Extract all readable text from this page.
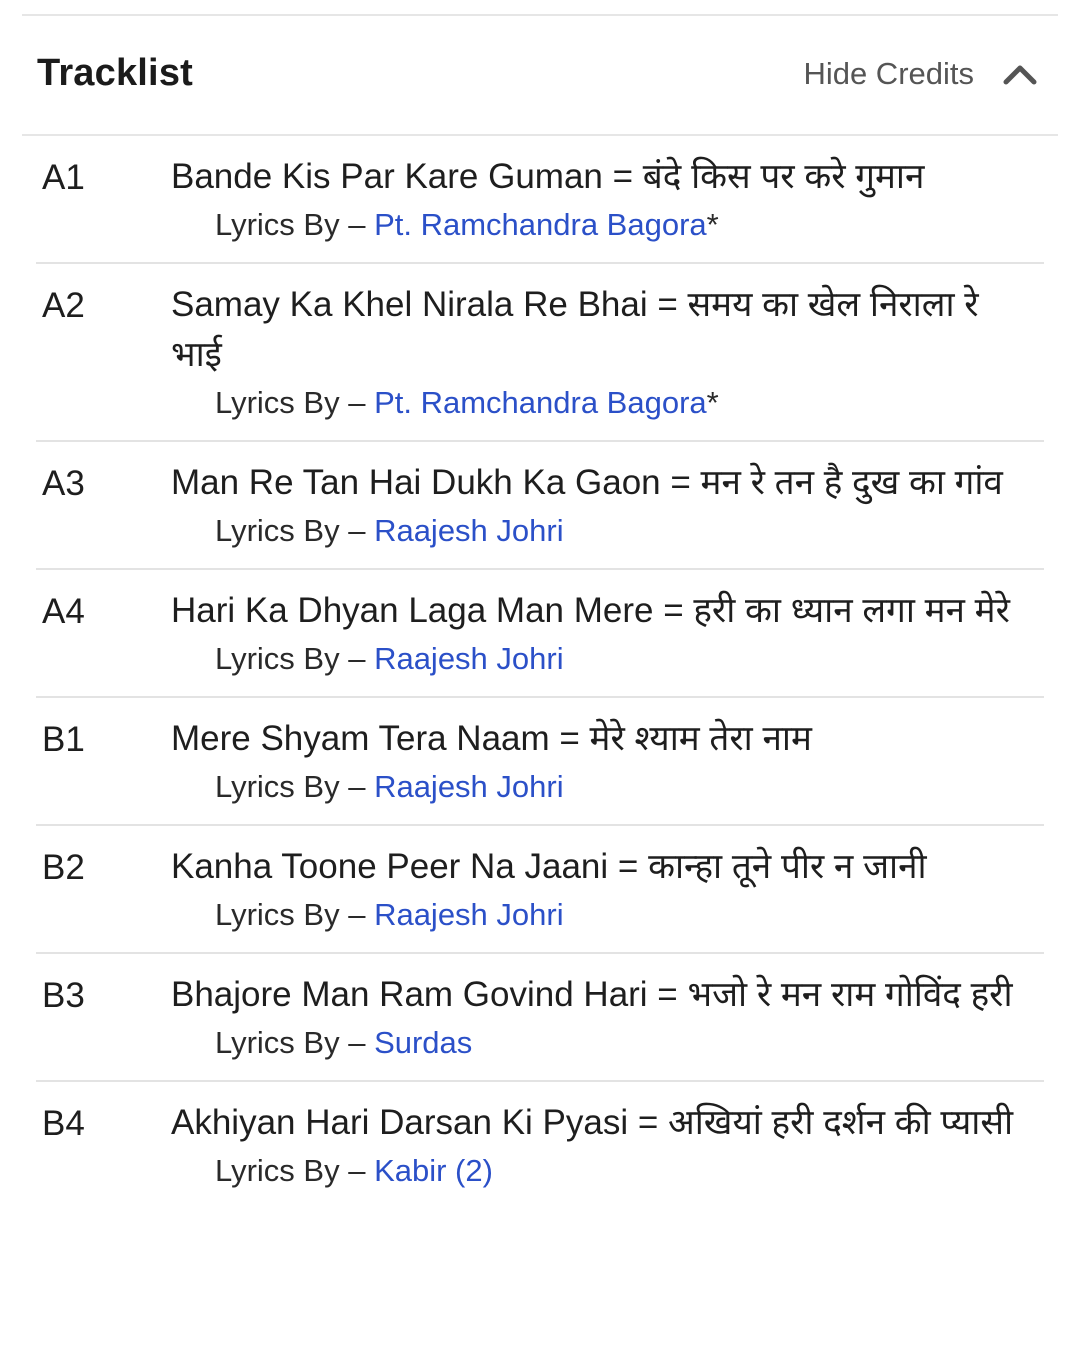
Tracklist	Hide Credits
A1 Bande Kis Par Kare Guman = बंदे किस पर करे गुमान
Lyrics By – Pt. Ramchandra Bagora*
A2 Samay Ka Khel Nirala Re Bhai = समय का खेल निराला रे भाई
Lyrics By – Pt. Ramchandra Bagora*
A3 Man Re Tan Hai Dukh Ka Gaon = मन रे तन है दुख का गांव
Lyrics By – Raajesh Johri
A4 Hari Ka Dhyan Laga Man Mere = हरी का ध्यान लगा मन मेरे
Lyrics By – Raajesh Johri
B1 Mere Shyam Tera Naam = मेरे श्याम तेरा नाम
Lyrics By – Raajesh Johri
B2 Kanha Toone Peer Na Jaani = कान्हा तूने पीर न जानी
Lyrics By – Raajesh Johri
B3 Bhajore Man Ram Govind Hari = भजो रे मन राम गोविंद हरी
Lyrics By – Surdas
B4 Akhiyan Hari Darsan Ki Pyasi = अखियां हरी दर्शन की प्यासी
Lyrics By – Kabir (2)
